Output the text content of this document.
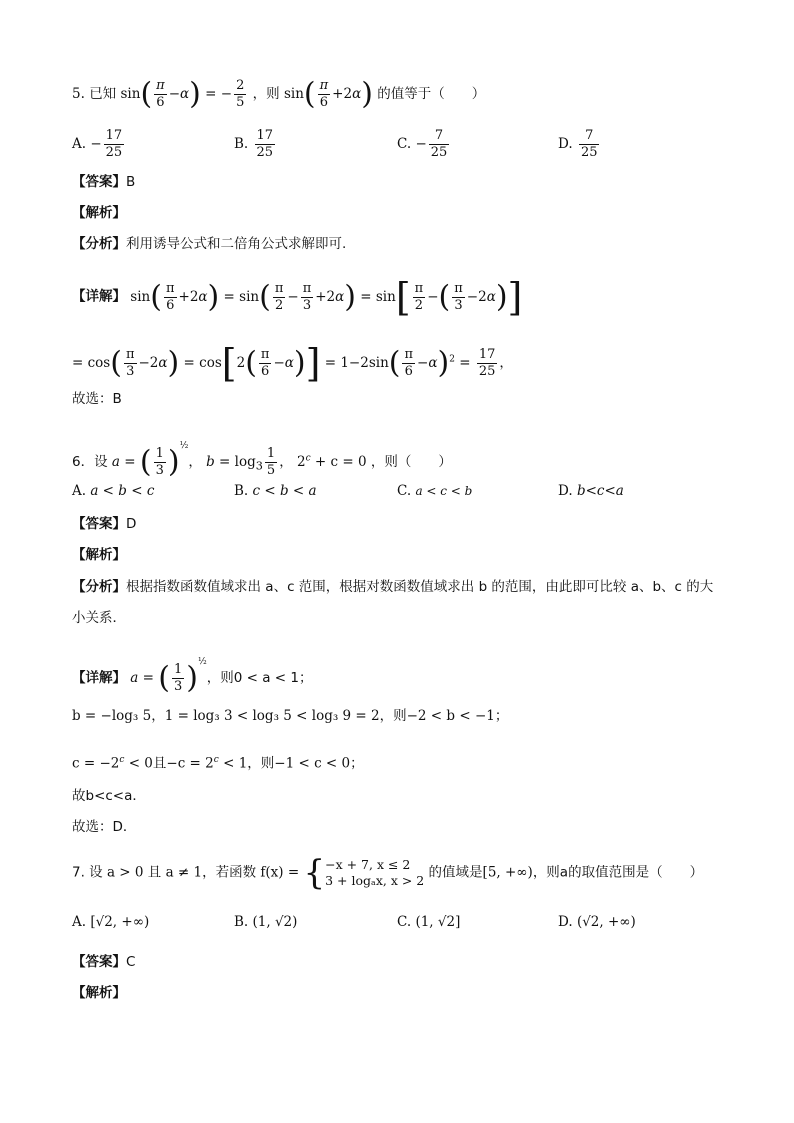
5. 已知 $\sin( \frac{\pi}{6} -\alpha)$ = − $\frac{2}{5}$ ，则 $\sin( \frac{\pi}{6} +2\alpha)$ 的值等于（　　）
A. − $\frac{17}{25}$	B. $\frac{17}{25}$	C. − $\frac{7}{25}$	D. $\frac{7}{25}$
【答案】B
【解析】
【分析】利用诱导公式和二倍角公式求解即可.
【详解】 $\sin( \frac{\pi}{6} +2\alpha) = \sin( \frac{\pi}{2} - \frac{\pi}{3} +2\alpha) = \sin[ \frac{\pi}{2}$ −( $\frac{\pi}{3} -2\alpha$)]
= $\cos( \frac{\pi}{3} -2\alpha) = \cos[2( \frac{\pi}{6} -\alpha)] = 1-2\sin( \frac{\pi}{6} -\alpha)^2 = \frac{17}{25}$ ，
故选：B
6．设 a = ( $\frac{1}{3} )^{\frac{1}{2}}$， $b = \log_3 \frac{1}{5}$ ， $2^c + c = 0$ ，则（　　）
A. a < b < c	B. c < b < a	C. a < c < b	D. b<c<a
【答案】D
【解析】
【分析】根据指数函数值域求出 a、c 范围，根据对数函数值域求出 b 的范围，由此即可比较 a、b、c 的大
小关系．
【详解】 a = ( $\frac{1}{3} )^{\frac{1}{2}}$，则0 < a < 1；
b = −log₃ 5，1 = log₃ 3 < log₃ 5 < log₃ 9 = 2，则−2 < b < −1；
$c = -2^c < 0$且$-c = 2^c < 1$，则−1 < c < 0；
故b<c<a．
故选：D．
7. 设 a > 0 且 a ≠ 1，若函数 f(x) = { −x + 7, x ≤ 2
3 + logₐx, x > 2 的值域是[5, +∞)，则a的取值范围是（　　）
A. [√2, +∞)	B. (1, √2)	C. (1, √2]	D. (√2, +∞)
【答案】C
【解析】
